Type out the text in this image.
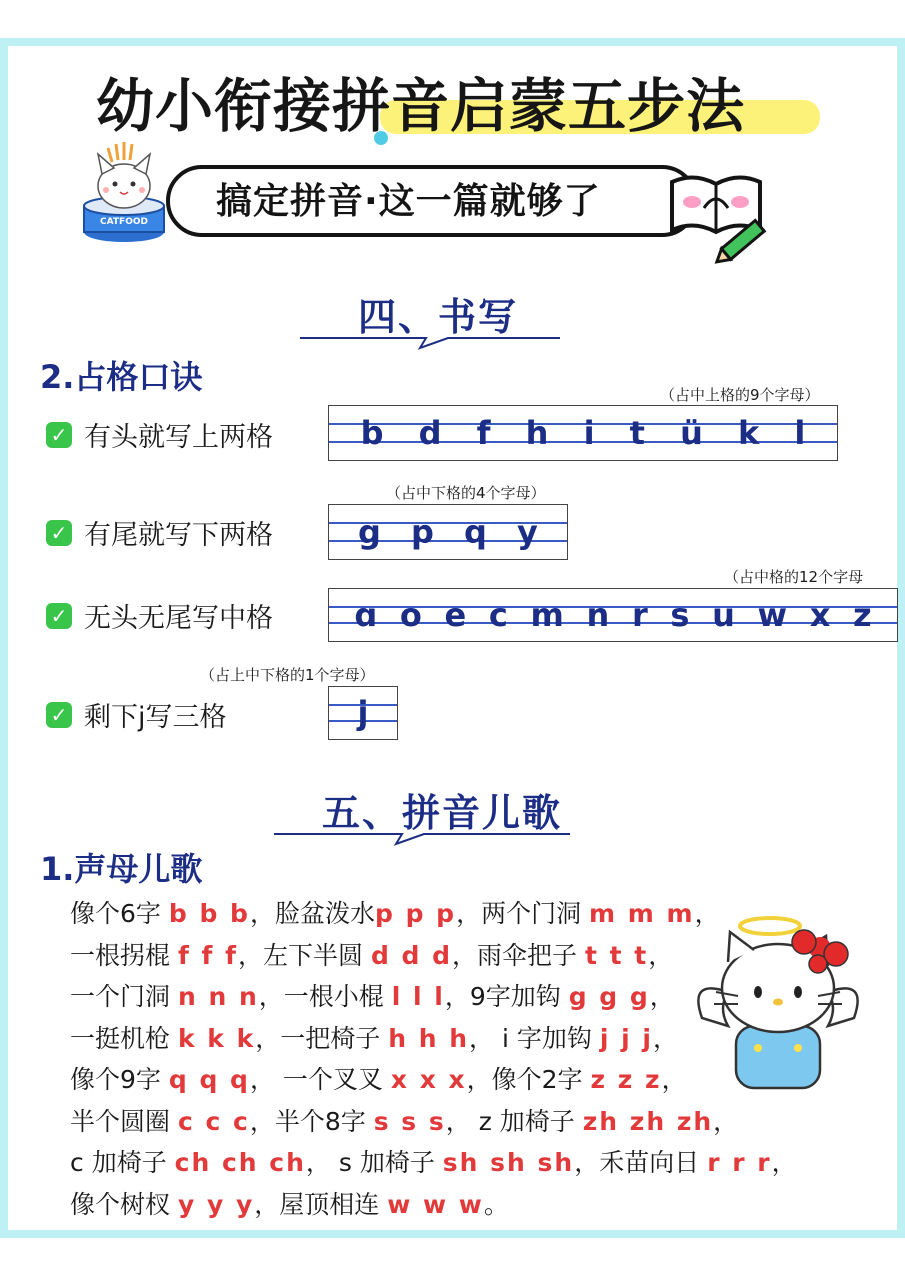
幼小衔接拼音启蒙五步法
搞定拼音·这一篇就够了
CATFOOD
四、书写
2.占格口诀
✓ 有头就写上两格
（占中上格的9个字母）
b d f h i t ü k l
✓ 有尾就写下两格
（占中下格的4个字母）
g p q y
✓ 无头无尾写中格
（占中格的12个字母
ɑ o e c m n r s u w x z
✓ 剩下j写三格
（占上中下格的1个字母）
j
五、拼音儿歌
1.声母儿歌
像个6字 b b b，脸盆泼水p p p，两个门洞 m m m，
一根拐棍 f f f，左下半圆 d d d，雨伞把子 t t t，
一个门洞 n n n，一根小棍 l l l，9字加钩 g g g，
一挺机枪 k k k，一把椅子 h h h， i 字加钩 j j j，
像个9字 q q q， 一个叉叉 x x x，像个2字 z z z，
半个圆圈 c c c，半个8字 s s s， z 加椅子 zh zh zh，
c 加椅子 ch ch ch， s 加椅子 sh sh sh，禾苗向日 r r r，
像个树杈 y y y，屋顶相连 w w w。
